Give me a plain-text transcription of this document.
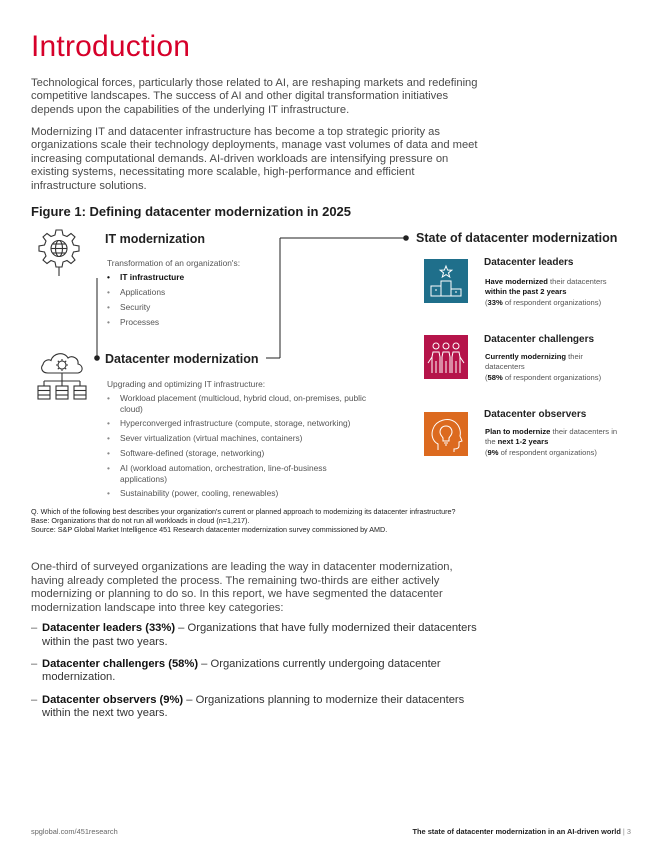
Introduction

Technological forces, particularly those related to AI, are reshaping markets and redefining competitive landscapes. The success of AI and other digital transformation initiatives depends upon the capabilities of the underlying IT infrastructure.

Modernizing IT and datacenter infrastructure has become a top strategic priority as organizations scale their technology deployments, manage vast volumes of data and meet increasing computational demands. AI-driven workloads are intensifying pressure on existing systems, necessitating more scalable, high-performance and efficient infrastructure solutions.

Figure 1: Defining datacenter modernization in 2025
IT modernization
Transformation of an organization's:
• IT infrastructure
• Applications
• Security
• Processes
Datacenter modernization
Upgrading and optimizing IT infrastructure:
• Workload placement (multicloud, hybrid cloud, on-premises, public cloud)
• Hyperconverged infrastructure (compute, storage, networking)
• Sever virtualization (virtual machines, containers)
• Software-defined (storage, networking)
• AI (workload automation, orchestration, line-of-business applications)
• Sustainability (power, cooling, renewables)
State of datacenter modernization
Datacenter leaders
Have modernized their datacenters within the past 2 years
(33% of respondent organizations)
Datacenter challengers
Currently modernizing their datacenters
(58% of respondent organizations)
Datacenter observers
Plan to modernize their datacenters in the next 1-2 years
(9% of respondent organizations)
Q. Which of the following best describes your organization's current or planned approach to modernizing its datacenter infrastructure?
Base: Organizations that do not run all workloads in cloud (n=1,217).
Source: S&P Global Market Intelligence 451 Research datacenter modernization survey commissioned by AMD.

One-third of surveyed organizations are leading the way in datacenter modernization, having already completed the process. The remaining two-thirds are either actively modernizing or planning to do so. In this report, we have segmented the datacenter modernization landscape into three key categories:

– Datacenter leaders (33%) – Organizations that have fully modernized their datacenters within the past two years.
– Datacenter challengers (58%) – Organizations currently undergoing datacenter modernization.
– Datacenter observers (9%) – Organizations planning to modernize their datacenters within the next two years.
spglobal.com/451research	The state of datacenter modernization in an AI-driven world | 3
